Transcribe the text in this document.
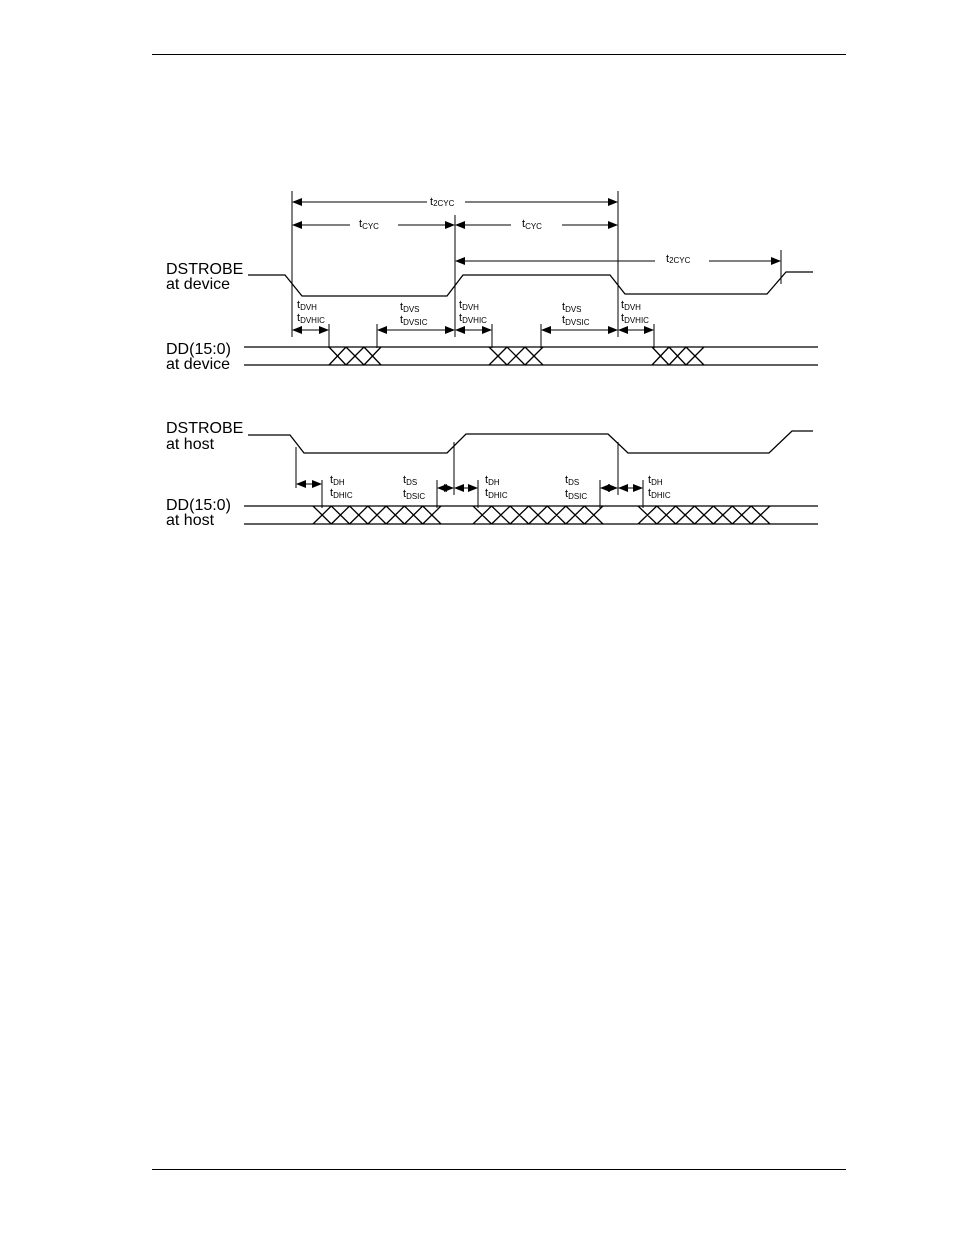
DSTROBE
at device
DD(15:0)
at device
DSTROBE
at host
DD(15:0)
at host
t2CYC
tCYC	tCYC
t2CYC
tDVH
tDVHIC
tDVS
tDVSIC
tDVH
tDVHIC
tDVS
tDVSIC
tDVH
tDVHIC
tDH
tDHIC
tDS
tDSIC
tDH
tDHIC
tDS
tDSIC
tDH
tDHIC
